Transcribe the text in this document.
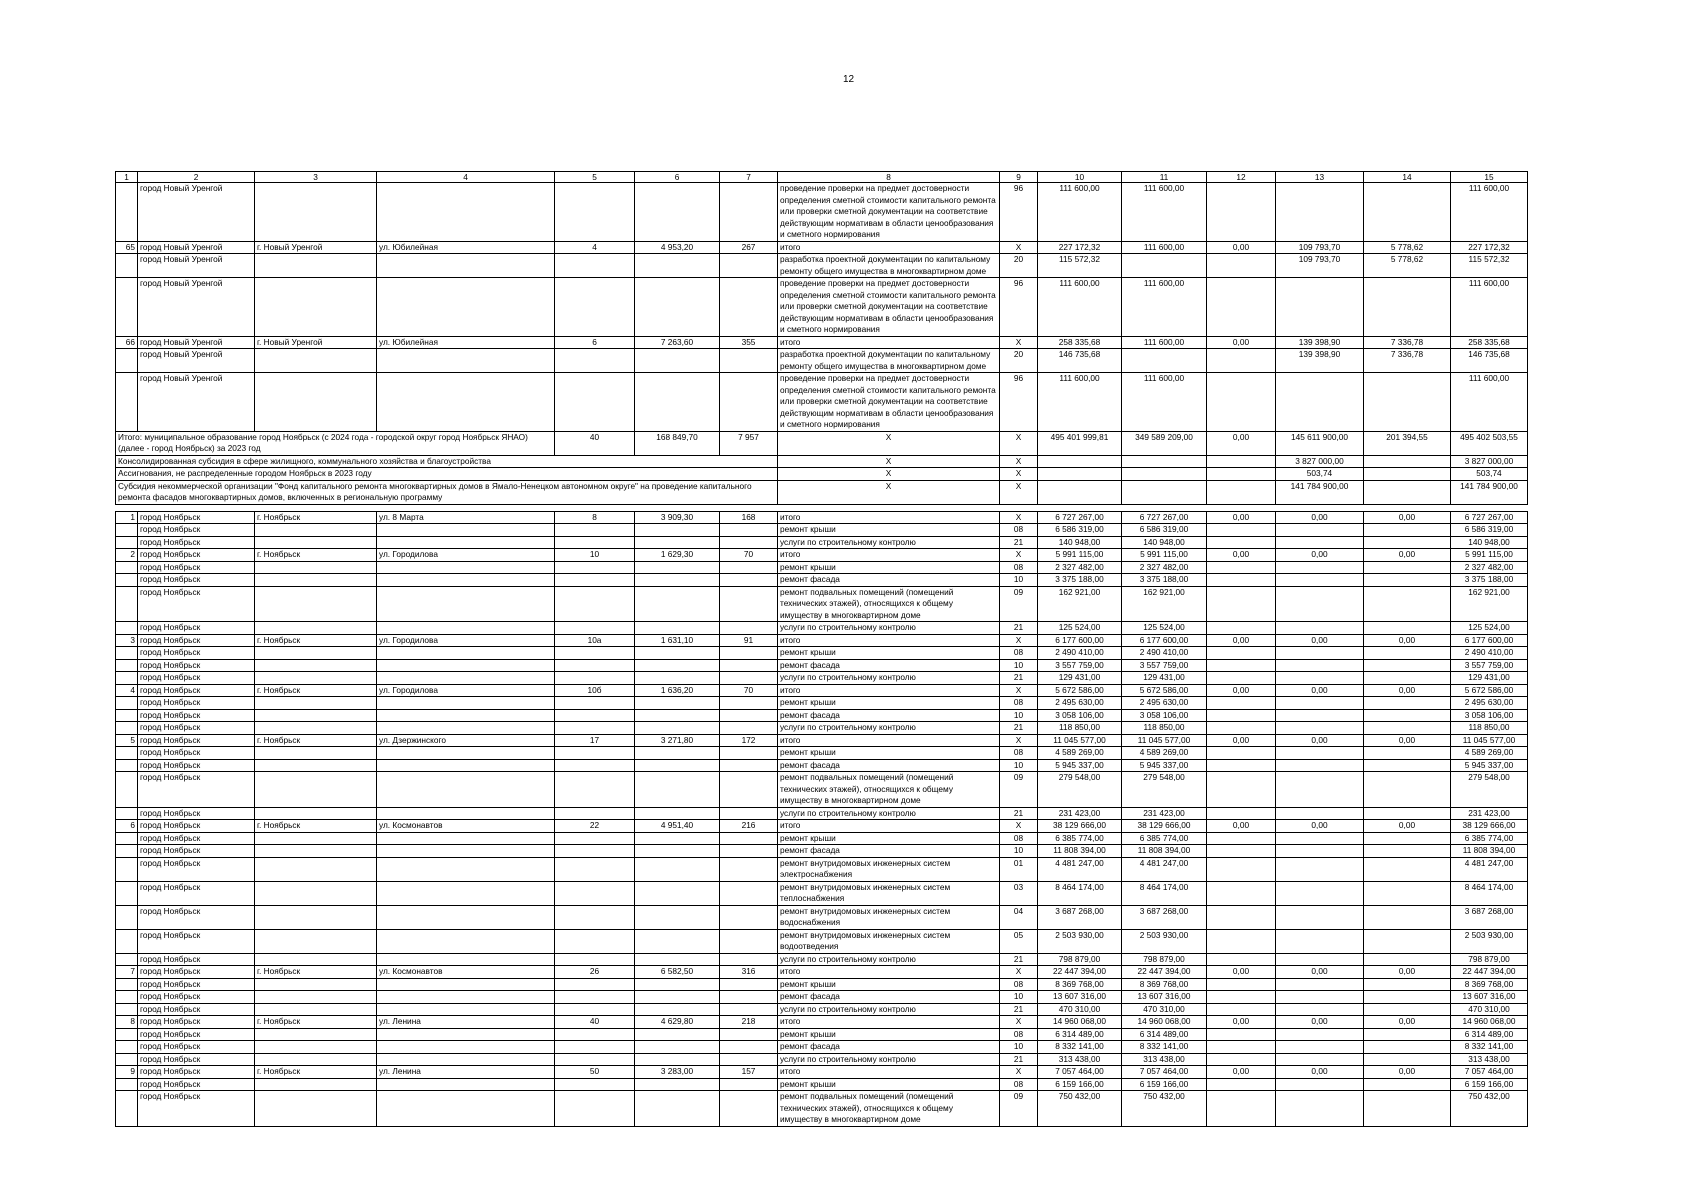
12
1	2	3	4	5	6	7	8	9	10	11	12	13	14	15
	город Новый Уренгой						проведение проверки на предмет достоверности определения сметной стоимости капитального ремонта или проверки сметной документации на соответствие действующим нормативам в области ценообразования и сметного нормирования	96	111 600,00	111 600,00				111 600,00
65	город Новый Уренгой	г. Новый Уренгой	ул. Юбилейная	4	4 953,20	267	итого	X	227 172,32	111 600,00	0,00	109 793,70	5 778,62	227 172,32
	город Новый Уренгой						разработка проектной документации по капитальному ремонту общего имущества в многоквартирном доме	20	115 572,32			109 793,70	5 778,62	115 572,32
	город Новый Уренгой						проведение проверки на предмет достоверности определения сметной стоимости капитального ремонта или проверки сметной документации на соответствие действующим нормативам в области ценообразования и сметного нормирования	96	111 600,00	111 600,00				111 600,00
66	город Новый Уренгой	г. Новый Уренгой	ул. Юбилейная	6	7 263,60	355	итого	X	258 335,68	111 600,00	0,00	139 398,90	7 336,78	258 335,68
	город Новый Уренгой						разработка проектной документации по капитальному ремонту общего имущества в многоквартирном доме	20	146 735,68			139 398,90	7 336,78	146 735,68
	город Новый Уренгой						проведение проверки на предмет достоверности определения сметной стоимости капитального ремонта или проверки сметной документации на соответствие действующим нормативам в области ценообразования и сметного нормирования	96	111 600,00	111 600,00				111 600,00
Итого: муниципальное образование город Ноябрьск (с 2024 года - городской округ город Ноябрьск ЯНАО) (далее - город Ноябрьск) за 2023 год				40	168 849,70	7 957	X	X	495 401 999,81	349 589 209,00	0,00	145 611 900,00	201 394,55	495 402 503,55
Консолидированная субсидия в сфере жилищного, коммунального хозяйства и благоустройства							X	X				3 827 000,00		3 827 000,00
Ассигнования, не распределенные городом Ноябрьск в 2023 году							X	X				503,74		503,74
Субсидия некоммерческой организации "Фонд капитального ремонта многоквартирных домов в Ямало-Ненецком автономном округе" на проведение капитального ремонта фасадов многоквартирных домов, включенных в региональную программу							X	X				141 784 900,00		141 784 900,00

1	город Ноябрьск	г. Ноябрьск	ул. 8 Марта	8	3 909,30	168	итого	X	6 727 267,00	6 727 267,00	0,00	0,00	0,00	6 727 267,00
	город Ноябрьск						ремонт крыши	08	6 586 319,00	6 586 319,00				6 586 319,00
	город Ноябрьск						услуги по строительному контролю	21	140 948,00	140 948,00				140 948,00
2	город Ноябрьск	г. Ноябрьск	ул. Городилова	10	1 629,30	70	итого	X	5 991 115,00	5 991 115,00	0,00	0,00	0,00	5 991 115,00
	город Ноябрьск						ремонт крыши	08	2 327 482,00	2 327 482,00				2 327 482,00
	город Ноябрьск						ремонт фасада	10	3 375 188,00	3 375 188,00				3 375 188,00
	город Ноябрьск						ремонт подвальных помещений (помещений технических этажей), относящихся к общему имуществу в многоквартирном доме	09	162 921,00	162 921,00				162 921,00
	город Ноябрьск						услуги по строительному контролю	21	125 524,00	125 524,00				125 524,00
3	город Ноябрьск	г. Ноябрьск	ул. Городилова	10а	1 631,10	91	итого	X	6 177 600,00	6 177 600,00	0,00	0,00	0,00	6 177 600,00
	город Ноябрьск						ремонт крыши	08	2 490 410,00	2 490 410,00				2 490 410,00
	город Ноябрьск						ремонт фасада	10	3 557 759,00	3 557 759,00				3 557 759,00
	город Ноябрьск						услуги по строительному контролю	21	129 431,00	129 431,00				129 431,00
4	город Ноябрьск	г. Ноябрьск	ул. Городилова	10б	1 636,20	70	итого	X	5 672 586,00	5 672 586,00	0,00	0,00	0,00	5 672 586,00
	город Ноябрьск						ремонт крыши	08	2 495 630,00	2 495 630,00				2 495 630,00
	город Ноябрьск						ремонт фасада	10	3 058 106,00	3 058 106,00				3 058 106,00
	город Ноябрьск						услуги по строительному контролю	21	118 850,00	118 850,00				118 850,00
5	город Ноябрьск	г. Ноябрьск	ул. Дзержинского	17	3 271,80	172	итого	X	11 045 577,00	11 045 577,00	0,00	0,00	0,00	11 045 577,00
	город Ноябрьск						ремонт крыши	08	4 589 269,00	4 589 269,00				4 589 269,00
	город Ноябрьск						ремонт фасада	10	5 945 337,00	5 945 337,00				5 945 337,00
	город Ноябрьск						ремонт подвальных помещений (помещений технических этажей), относящихся к общему имуществу в многоквартирном доме	09	279 548,00	279 548,00				279 548,00
	город Ноябрьск						услуги по строительному контролю	21	231 423,00	231 423,00				231 423,00
6	город Ноябрьск	г. Ноябрьск	ул. Космонавтов	22	4 951,40	216	итого	X	38 129 666,00	38 129 666,00	0,00	0,00	0,00	38 129 666,00
	город Ноябрьск						ремонт крыши	08	6 385 774,00	6 385 774,00				6 385 774,00
	город Ноябрьск						ремонт фасада	10	11 808 394,00	11 808 394,00				11 808 394,00
	город Ноябрьск						ремонт внутридомовых инженерных систем электроснабжения	01	4 481 247,00	4 481 247,00				4 481 247,00
	город Ноябрьск						ремонт внутридомовых инженерных систем теплоснабжения	03	8 464 174,00	8 464 174,00				8 464 174,00
	город Ноябрьск						ремонт внутридомовых инженерных систем водоснабжения	04	3 687 268,00	3 687 268,00				3 687 268,00
	город Ноябрьск						ремонт внутридомовых инженерных систем водоотведения	05	2 503 930,00	2 503 930,00				2 503 930,00
	город Ноябрьск						услуги по строительному контролю	21	798 879,00	798 879,00				798 879,00
7	город Ноябрьск	г. Ноябрьск	ул. Космонавтов	26	6 582,50	316	итого	X	22 447 394,00	22 447 394,00	0,00	0,00	0,00	22 447 394,00
	город Ноябрьск						ремонт крыши	08	8 369 768,00	8 369 768,00				8 369 768,00
	город Ноябрьск						ремонт фасада	10	13 607 316,00	13 607 316,00				13 607 316,00
	город Ноябрьск						услуги по строительному контролю	21	470 310,00	470 310,00				470 310,00
8	город Ноябрьск	г. Ноябрьск	ул. Ленина	40	4 629,80	218	итого	X	14 960 068,00	14 960 068,00	0,00	0,00	0,00	14 960 068,00
	город Ноябрьск						ремонт крыши	08	6 314 489,00	6 314 489,00				6 314 489,00
	город Ноябрьск						ремонт фасада	10	8 332 141,00	8 332 141,00				8 332 141,00
	город Ноябрьск						услуги по строительному контролю	21	313 438,00	313 438,00				313 438,00
9	город Ноябрьск	г. Ноябрьск	ул. Ленина	50	3 283,00	157	итого	X	7 057 464,00	7 057 464,00	0,00	0,00	0,00	7 057 464,00
	город Ноябрьск						ремонт крыши	08	6 159 166,00	6 159 166,00				6 159 166,00
	город Ноябрьск						ремонт подвальных помещений (помещений технических этажей), относящихся к общему имуществу в многоквартирном доме	09	750 432,00	750 432,00				750 432,00
